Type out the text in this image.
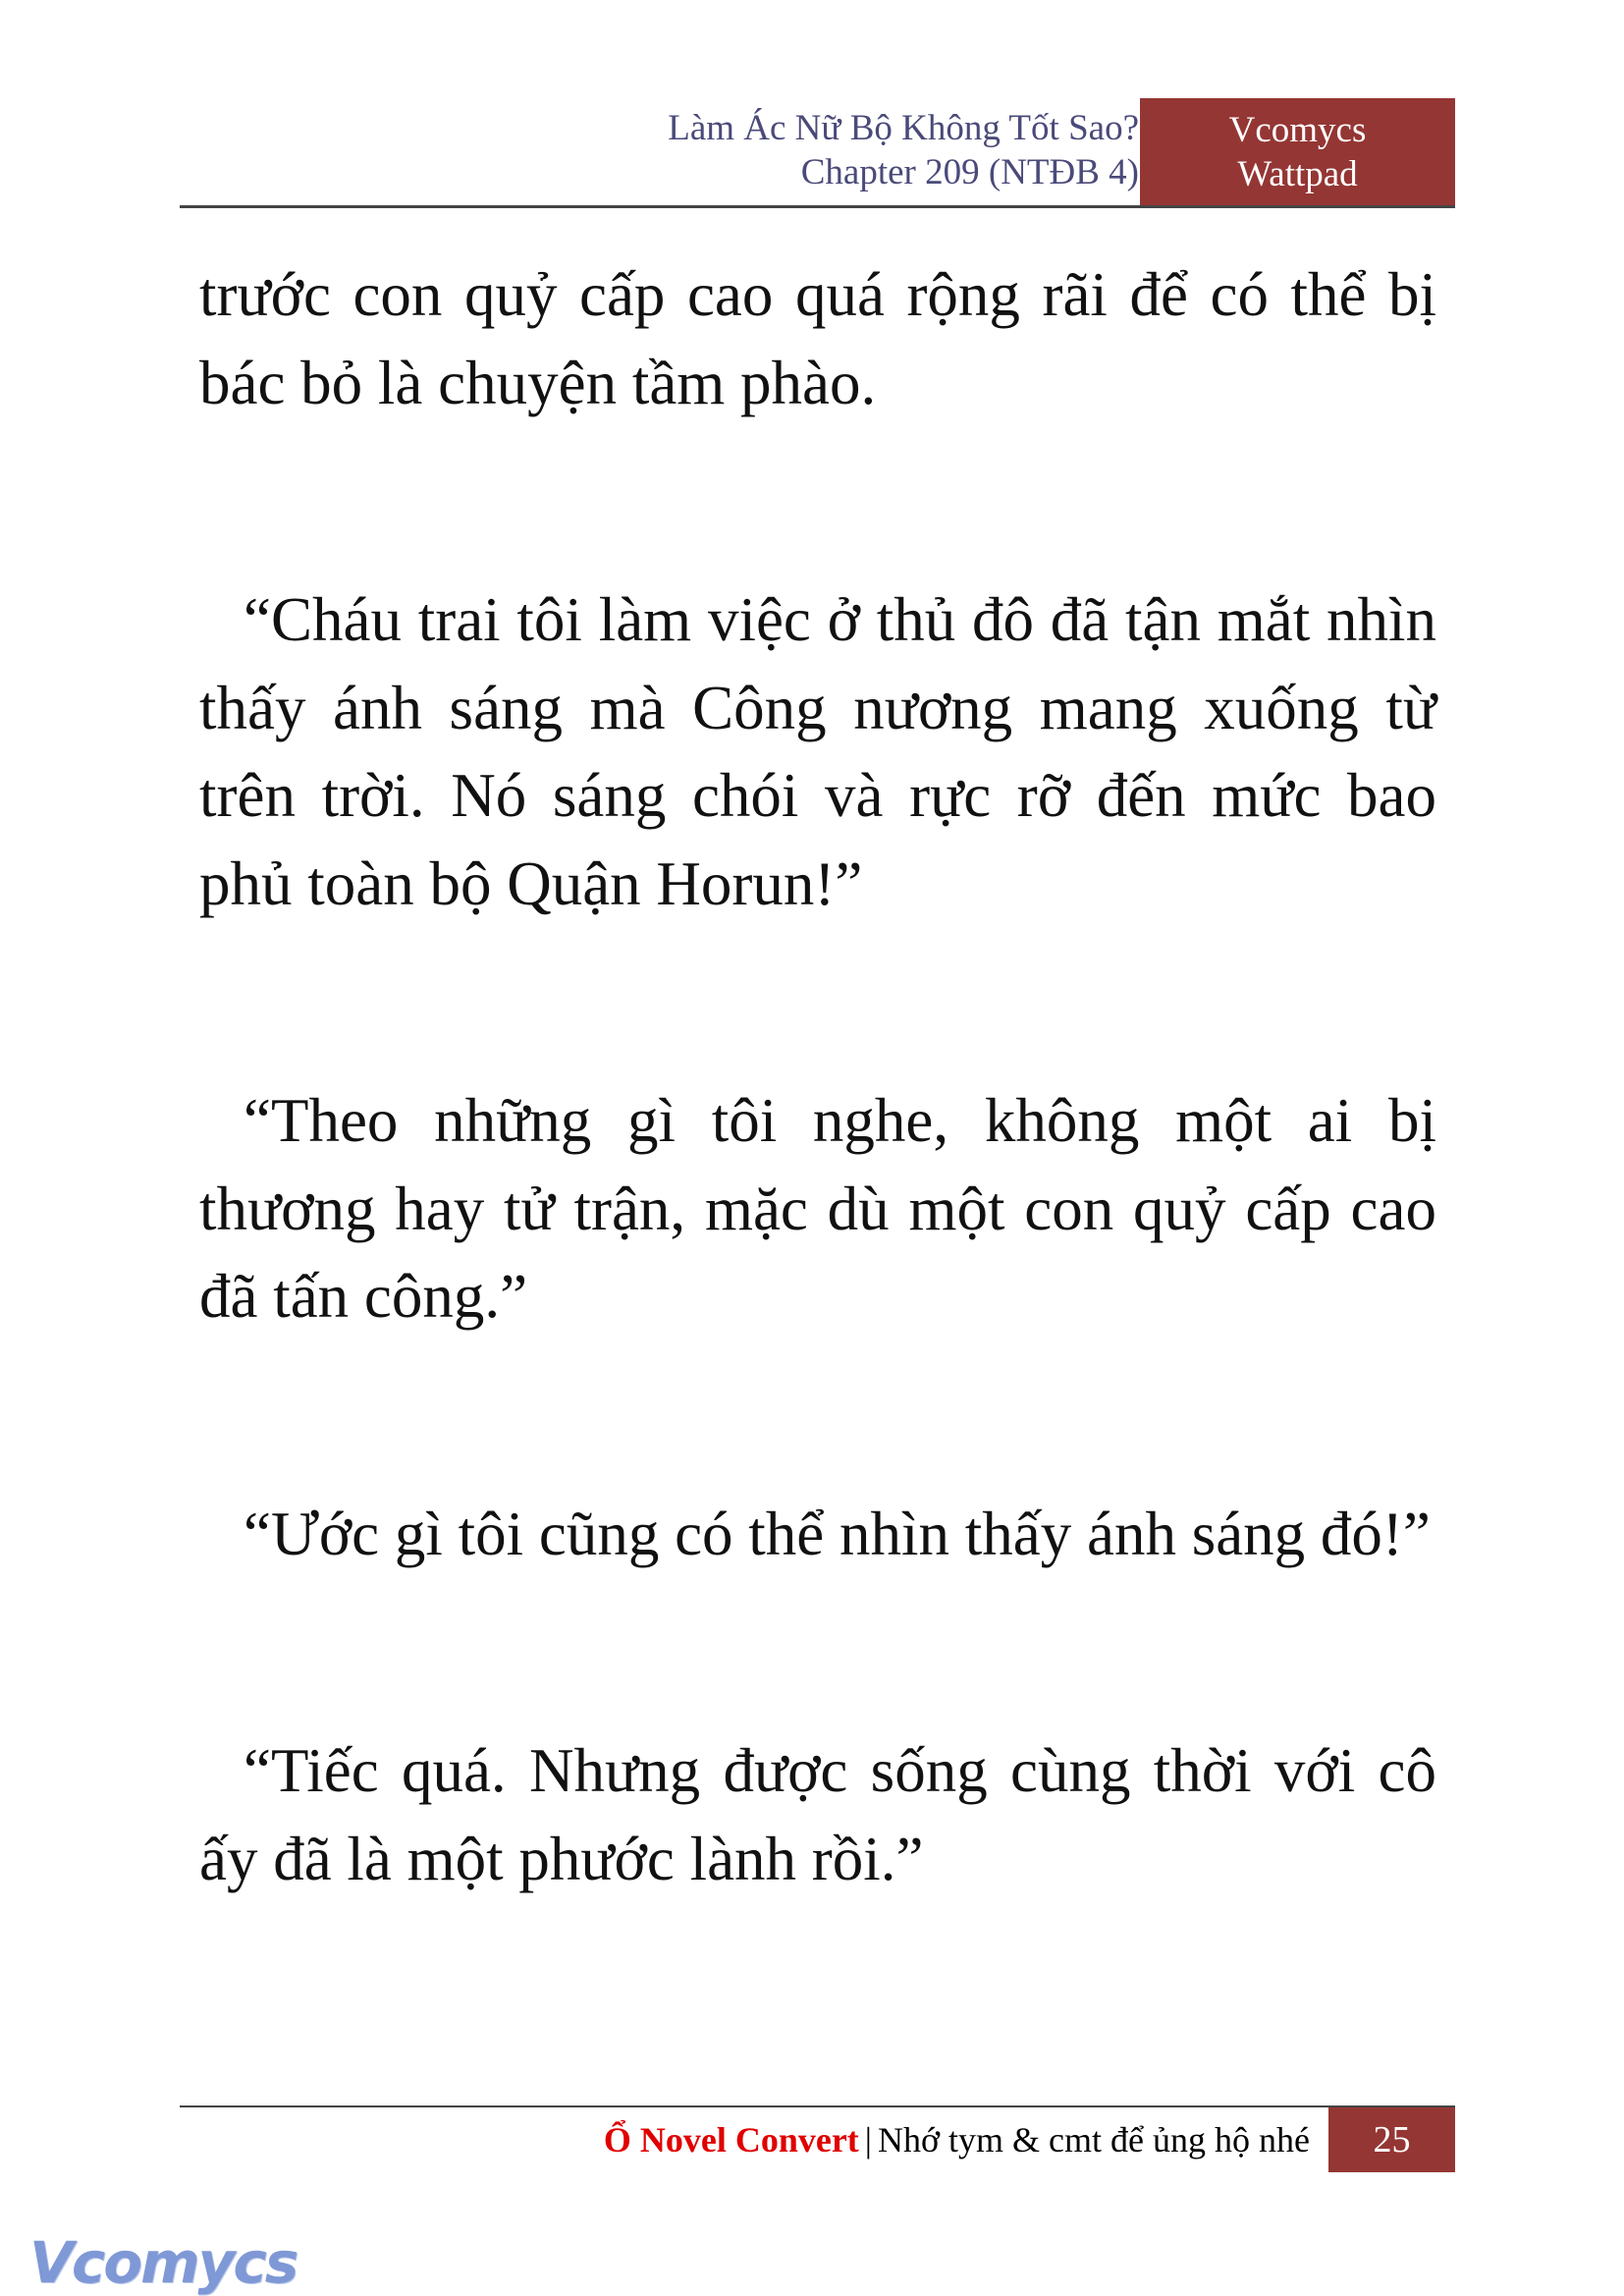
Làm Ác Nữ Bộ Không Tốt Sao?
Chapter 209 (NTĐB 4)
Vcomycs
Wattpad

trước con quỷ cấp cao quá rộng rãi để có thể bị bác bỏ là chuyện tầm phào.

“Cháu trai tôi làm việc ở thủ đô đã tận mắt nhìn thấy ánh sáng mà Công nương mang xuống từ trên trời. Nó sáng chói và rực rỡ đến mức bao phủ toàn bộ Quận Horun!”

“Theo những gì tôi nghe, không một ai bị thương hay tử trận, mặc dù một con quỷ cấp cao đã tấn công.”

“Ước gì tôi cũng có thể nhìn thấy ánh sáng đó!”

“Tiếc quá. Nhưng được sống cùng thời với cô ấy đã là một phước lành rồi.”

Ổ Novel Convert | Nhớ tym & cmt để ủng hộ nhé	25
Vcomycs
